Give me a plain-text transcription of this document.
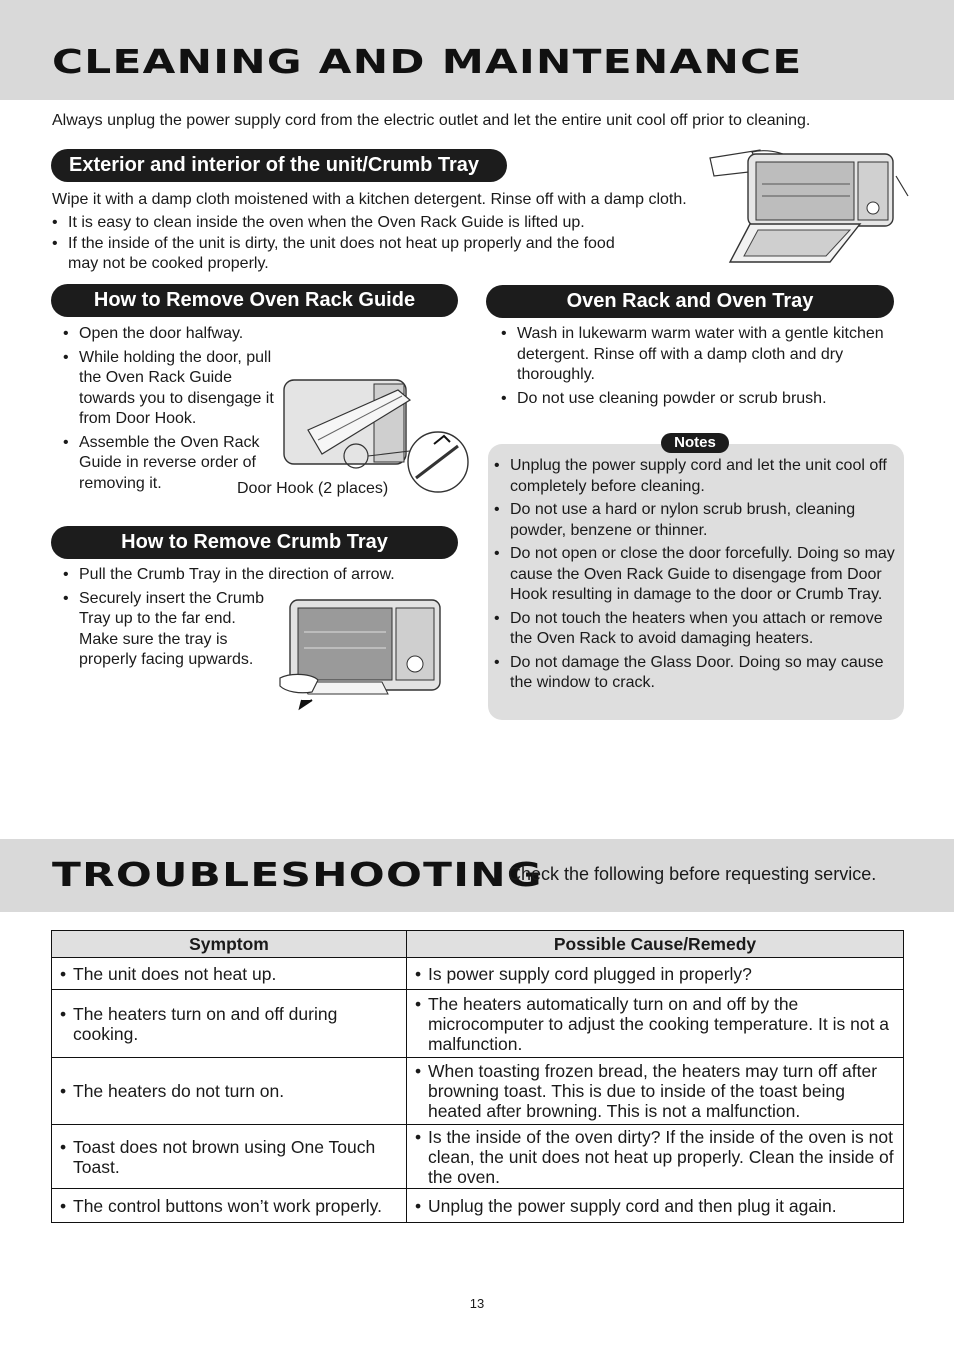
CLEANING AND MAINTENANCE
Always unplug the power supply cord from the electric outlet and let the entire unit cool off prior to cleaning.
Exterior and interior of the unit/Crumb Tray
Wipe it with a damp cloth moistened with a kitchen detergent. Rinse off with a damp cloth.
• It is easy to clean inside the oven when the Oven Rack Guide is lifted up.
• If the inside of the unit is dirty, the unit does not heat up properly and the food may not be cooked properly.
How to Remove Oven Rack Guide
• Open the door halfway.
• While holding the door, pull the Oven Rack Guide towards you to disengage it from Door Hook.
• Assemble the Oven Rack Guide in reverse order of removing it.	Door Hook (2 places)
How to Remove Crumb Tray
• Pull the Crumb Tray in the direction of arrow.
• Securely insert the Crumb Tray up to the far end. Make sure the tray is properly facing upwards.
Oven Rack and Oven Tray
• Wash in lukewarm warm water with a gentle kitchen detergent. Rinse off with a damp cloth and dry thoroughly.
• Do not use cleaning powder or scrub brush.
Notes
• Unplug the power supply cord and let the unit cool off completely before cleaning.
• Do not use a hard or nylon scrub brush, cleaning powder, benzene or thinner.
• Do not open or close the door forcefully. Doing so may cause the Oven Rack Guide to disengage from Door Hook resulting in damage to the door or Crumb Tray.
• Do not touch the heaters when you attach or remove the Oven Rack to avoid damaging heaters.
• Do not damage the Glass Door. Doing so may cause the window to crack.
TROUBLESHOOTING
Check the following before requesting service.
Symptom	Possible Cause/Remedy

• The unit does not heat up.	• Is power supply cord plugged in properly?

• The heaters turn on and off during cooking.	• The heaters automatically turn on and off by the microcomputer to adjust the cooking temperature. It is not a malfunction.

• The heaters do not turn on.	• When toasting frozen bread, the heaters may turn off after browning toast. This is due to inside of the toast being heated after browning. This is not a malfunction.

• Toast does not brown using One Touch Toast.	• Is the inside of the oven dirty? If the inside of the oven is not clean, the unit does not heat up properly. Clean the inside of the oven.

• The control buttons won’t work properly.	• Unplug the power supply cord and then plug it again.
13
